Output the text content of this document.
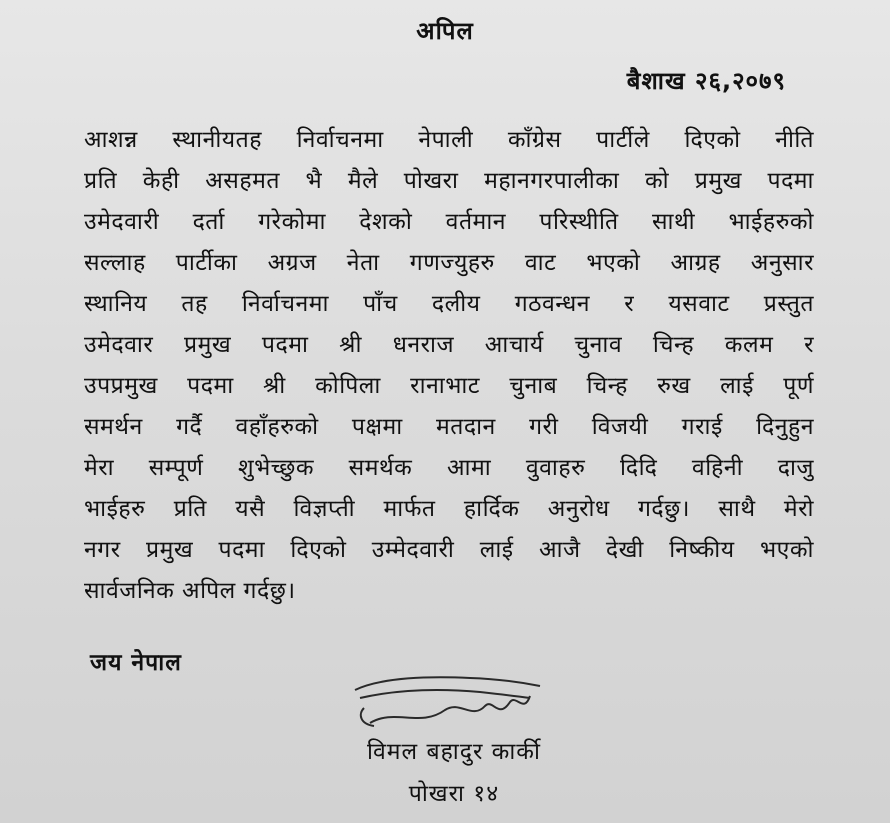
अपिल
बैशाख २६,२०७९
आशन्न स्थानीयतह निर्वाचनमा नेपाली काँग्रेस पार्टीले दिएको नीति
प्रति केही असहमत भै मैले पोखरा महानगरपालीका को प्रमुख पदमा
उमेदवारी दर्ता गरेकोमा देशको वर्तमान परिस्थीति साथी भाईहरुको
सल्लाह पार्टीका अग्रज नेता गणज्युहरु वाट भएको आग्रह अनुसार
स्थानिय तह निर्वाचनमा पाँच दलीय गठवन्धन र यसवाट प्रस्तुत
उमेदवार प्रमुख पदमा श्री धनराज आचार्य चुनाव चिन्ह कलम र
उपप्रमुख पदमा श्री कोपिला रानाभाट चुनाब चिन्ह रुख लाई पूर्ण
समर्थन गर्दै वहाँहरुको पक्षमा मतदान गरी विजयी गराई दिनुहुन
मेरा सम्पूर्ण शुभेच्छुक समर्थक आमा वुवाहरु दिदि वहिनी दाजु
भाईहरु प्रति यसै विज्ञप्ती मार्फत हार्दिक अनुरोध गर्दछु। साथै मेरो
नगर प्रमुख पदमा दिएको उम्मेदवारी लाई आजै देखी निष्कीय भएको
सार्वजनिक अपिल गर्दछु।
जय नेपाल
विमल बहादुर कार्की
पोखरा १४
